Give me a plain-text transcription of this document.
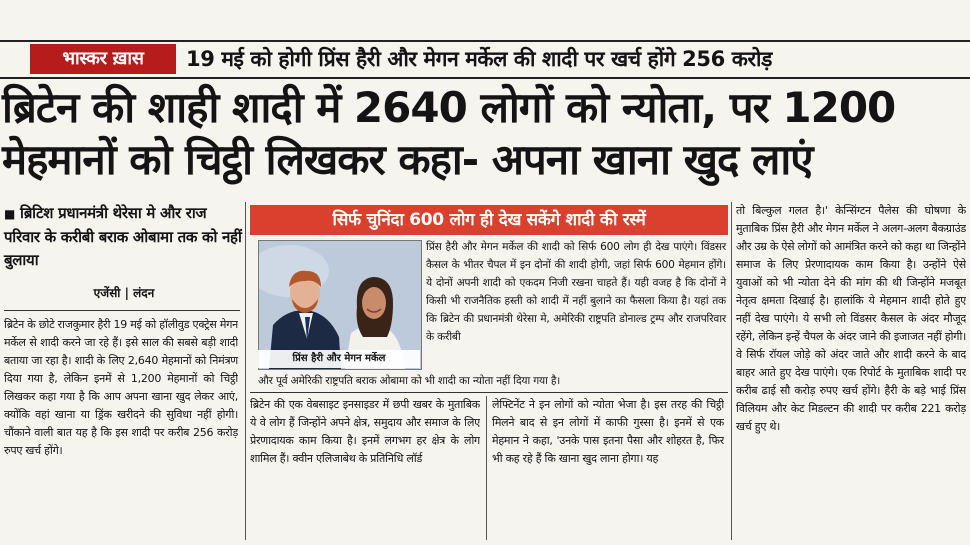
भास्कर ख़ास	19 मई को होगी प्रिंस हैरी और मेगन मर्केल की शादी पर खर्च होंगे 256 करोड़
ब्रिटेन की शाही शादी में 2640 लोगों को न्योता, पर 1200
मेहमानों को चिट्ठी लिखकर कहा- अपना खाना खुद लाएं

■ ब्रिटिश प्रधानमंत्री थेरेसा मे और राज परिवार के करीबी बराक ओबामा तक को नहीं बुलाया

एजेंसी | लंदन
सिर्फ चुनिंदा 600 लोग ही देख सकेंगे शादी की रस्में
प्रिंस हैरी और मेगन मर्केल

प्रिंस हैरी और मेगन मर्केल की शादी को सिर्फ 600 लोग ही देख पाएंगे। विंडसर कैसल के भीतर चैपल में इन दोनों की शादी होगी, जहां सिर्फ 600 मेहमान होंगे। ये दोनों अपनी शादी को एकदम निजी रखना चाहते हैं। यही वजह है कि दोनों ने किसी भी राजनैतिक हस्ती को शादी में नहीं बुलाने का फैसला किया है। यहां तक कि ब्रिटेन की प्रधानमंत्री थेरेसा मे, अमेरिकी राष्ट्रपति डोनाल्ड ट्रम्प और राजपरिवार के करीबी

और पूर्व अमेरिकी राष्ट्रपति बराक ओबामा को भी शादी का न्योता नहीं दिया गया है।

ब्रिटेन के छोटे राजकुमार हैरी 19 मई को हॉलीवुड एक्ट्रेस मेगन मर्केल से शादी करने जा रहे हैं। इसे साल की सबसे बड़ी शादी बताया जा रहा है। शादी के लिए 2,640 मेहमानों को निमंत्रण दिया गया है, लेकिन इनमें से 1,200 मेहमानों को चिट्ठी लिखकर कहा गया है कि आप अपना खाना खुद लेकर आएं, क्योंकि वहां खाना या ड्रिंक खरीदने की सुविधा नहीं होगी। चौंकाने वाली बात यह है कि इस शादी पर करीब 256 करोड़ रुपए खर्च होंगे।

ब्रिटेन की एक वेबसाइट इनसाइडर में छपी खबर के मुताबिक ये वे लोग हैं जिन्होंने अपने क्षेत्र, समुदाय और समाज के लिए प्रेरणादायक काम किया है। इनमें लगभग हर क्षेत्र के लोग शामिल हैं। क्वीन एलिजाबेथ के प्रतिनिधि लॉर्ड

लेफ्टिनेंट ने इन लोगों को न्योता भेजा है। इस तरह की चिट्ठी मिलने बाद से इन लोगों में काफी गुस्सा है। इनमें से एक मेहमान ने कहा, 'उनके पास इतना पैसा और शोहरत है, फिर भी कह रहे हैं कि खाना खुद लाना होगा। यह

तो बिल्कुल गलत है।' केन्सिंग्टन पैलेस की घोषणा के मुताबिक प्रिंस हैरी और मेगन मर्केल ने अलग-अलग बैकग्राउंड और उम्र के ऐसे लोगों को आमंत्रित करने को कहा था जिन्होंने समाज के लिए प्रेरणादायक काम किया है। उन्होंने ऐसे युवाओं को भी न्योता देने की मांग की थी जिन्होंने मजबूत नेतृत्व क्षमता दिखाई है। हालांकि ये मेहमान शादी होते हुए नहीं देख पाएंगे। ये सभी लो विंडसर कैसल के अंदर मौजूद रहेंगे, लेकिन इन्हें चैपल के अंदर जाने की इजाजत नहीं होगी। वे सिर्फ रॉयल जोड़े को अंदर जाते और शादी करने के बाद बाहर आते हुए देख पाएंगे। एक रिपोर्ट के मुताबिक शादी पर करीब ढाई सौ करोड़ रुपए खर्च होंगे। हैरी के बड़े भाई प्रिंस विलियम और केट मिडल्टन की शादी पर करीब 221 करोड़ खर्च हुए थे।
